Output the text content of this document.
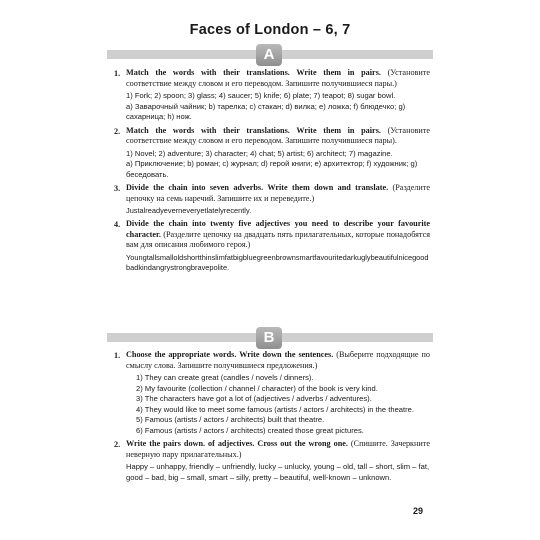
Faces of London – 6, 7
A
1. Match the words with their translations. Write them in pairs. (Установите соответствие между словом и его переводом. Запишите получившиеся пары.)

1) Fork; 2) spoon; 3) glass; 4) saucer; 5) knife; 6) plate; 7) teapot; 8) sugar bowl.

a) Заварочный чайник; b) тарелка; c) стакан; d) вилка; e) ложка; f) блюдечко; g) сахарница; h) нож.

2. Match the words with their translations. Write them in pairs. (Установите соответствие между словом и его переводом. Запишите получившиеся пары).

1) Novel; 2) adventure; 3) character; 4) chat; 5) artist; 6) architect; 7) magazine.

a) Приключение; b) роман; c) журнал; d) герой книги; e) архитектор; f) художник; g) беседовать.

3. Divide the chain into seven adverbs. Write them down and translate. (Разделите цепочку на семь наречий. Запишите их и переведите.)
Justalreadyeverneveryetlatelyrecently.
4. Divide the chain into twenty five adjectives you need to describe your favourite character. (Разделите цепочку на двадцать пять прилагательных, которые понадобятся вам для описания любимого героя.)
Youngtallsmalloldshortthinslimfatbigbluegreenbrownsmartfavouritedarkuglybeautifulnicegoodbadkindangrystrongbravepolite.
B
1. Choose the appropriate words. Write down the sentences. (Выберите подходящие по смыслу слова. Запишите получившиеся предложения.)

1) They can create great (candles / novels / dinners).

2) My favourite (collection / channel / character) of the book is very kind.

3) The characters have got a lot of (adjectives / adverbs / adventures).

4) They would like to meet some famous (artists / actors / architects) in the theatre.

5) Famous (artists / actors / architects) built that theatre.

6) Famous (artists / actors / architects) created those great pictures.

2. Write the pairs down. of adjectives. Cross out the wrong one. (Спишите. Зачеркните неверную пару прилагательных.)
Happy – unhappy, friendly – unfriendly, lucky – unlucky, young – old, tall – short, slim – fat, good – bad, big – small, smart – silly, pretty – beautiful, well-known – unknown.
29
